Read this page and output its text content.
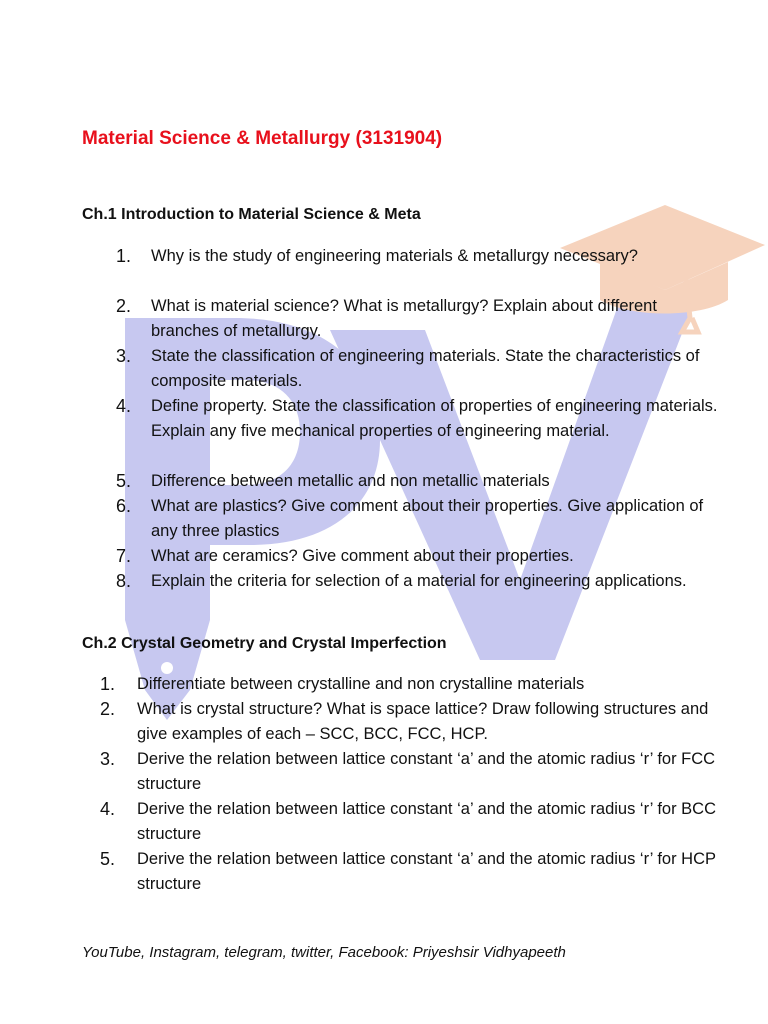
Material Science & Metallurgy (3131904)
Ch.1 Introduction to Material Science & Meta
1. Why is the study of engineering materials & metallurgy necessary?
2. What is material science? What is metallurgy? Explain about different branches of metallurgy.
3. State the classification of engineering materials. State the characteristics of composite materials.
4. Define property. State the classification of properties of engineering materials. Explain any five mechanical properties of engineering material.
5. Difference between metallic and non metallic materials
6. What are plastics? Give comment about their properties. Give application of any three plastics
7. What are ceramics? Give comment about their properties.
8. Explain the criteria for selection of a material for engineering applications.
Ch.2 Crystal Geometry and Crystal Imperfection
1. Differentiate between crystalline and non crystalline materials
2. What is crystal structure? What is space lattice? Draw following structures and give examples of each – SCC, BCC, FCC, HCP.
3. Derive the relation between lattice constant ‘a’ and the atomic radius ‘r’ for FCC structure
4. Derive the relation between lattice constant ‘a’ and the atomic radius ‘r’ for BCC structure
5. Derive the relation between lattice constant ‘a’ and the atomic radius ‘r’ for HCP structure
YouTube, Instagram, telegram, twitter, Facebook: Priyeshsir Vidhyapeeth
